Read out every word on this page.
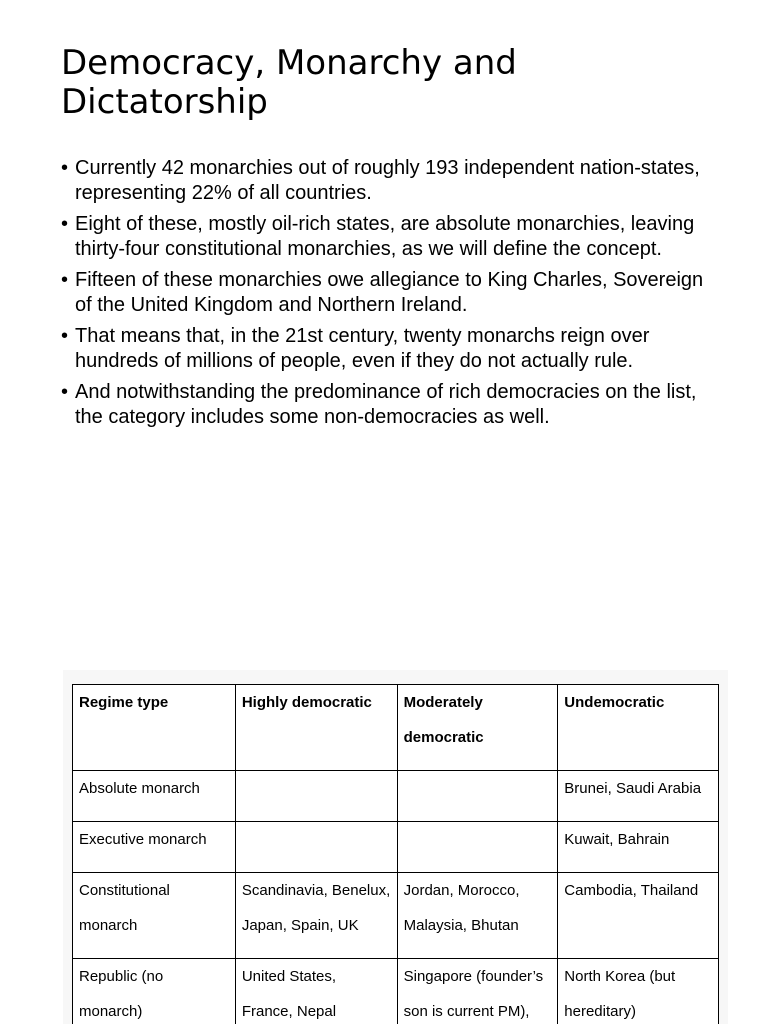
Democracy, Monarchy and Dictatorship
• Currently 42 monarchies out of roughly 193 independent nation-states, representing 22% of all countries.
• Eight of these, mostly oil-rich states, are absolute monarchies, leaving thirty-four constitutional monarchies, as we will define the concept.
• Fifteen of these monarchies owe allegiance to King Charles, Sovereign of the United Kingdom and Northern Ireland.
• That means that, in the 21st century, twenty monarchs reign over hundreds of millions of people, even if they do not actually rule.
• And notwithstanding the predominance of rich democracies on the list, the category includes some non-democracies as well.
Regime type	Highly democratic	Moderately democratic	Undemocratic
Absolute monarch			Brunei, Saudi Arabia
Executive monarch			Kuwait, Bahrain
Constitutional monarch	Scandinavia, Benelux, Japan, Spain, UK	Jordan, Morocco, Malaysia, Bhutan	Cambodia, Thailand
Republic (no monarch)	United States, France, Nepal	Singapore (founder’s son is current PM),	North Korea (but hereditary)
